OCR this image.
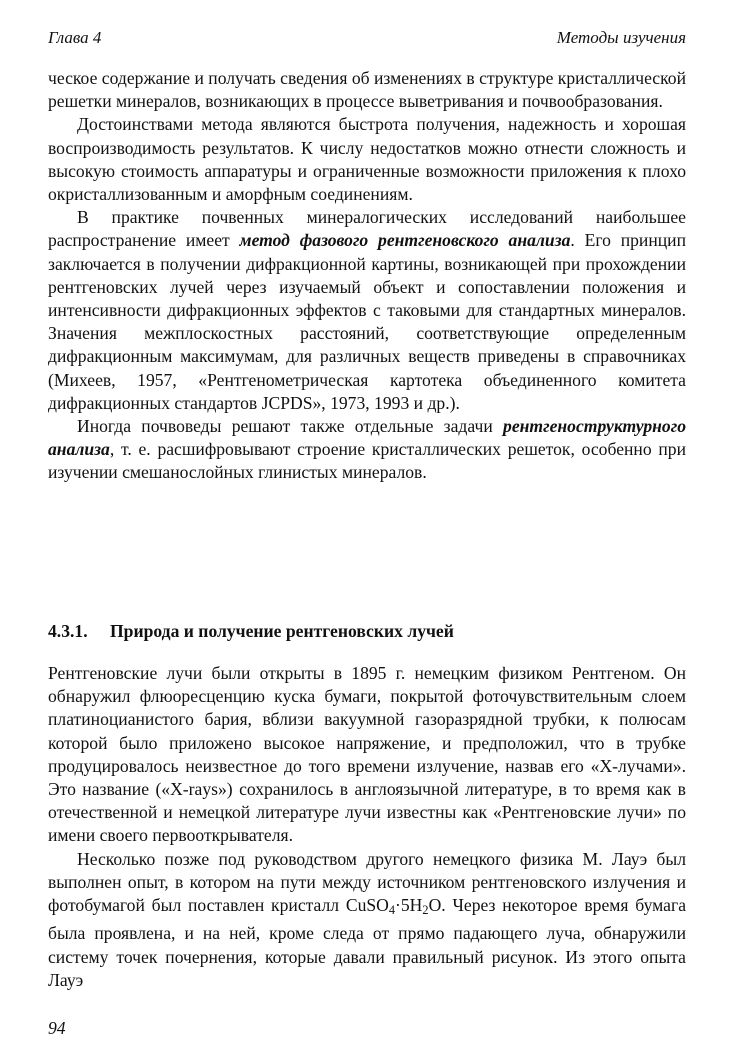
Глава 4	Методы изучения

ческое содержание и получать сведения об изменениях в структуре кристаллической решетки минералов, возникающих в процессе выветривания и почвообразования.

Достоинствами метода являются быстрота получения, надежность и хорошая воспроизводимость результатов. К числу недостатков можно отнести сложность и высокую стоимость аппаратуры и ограниченные возможности приложения к плохо окристаллизованным и аморфным соединениям.

В практике почвенных минералогических исследований наибольшее распространение имеет метод фазового рентгеновского анализа. Его принцип заключается в получении дифракционной картины, возникающей при прохождении рентгеновских лучей через изучаемый объект и сопоставлении положения и интенсивности дифракционных эффектов с таковыми для стандартных минералов. Значения межплоскостных расстояний, соответствующие определенным дифракционным максимумам, для различных веществ приведены в справочниках (Михеев, 1957, «Рентгенометрическая картотека объединенного комитета дифракционных стандартов JCPDS», 1973, 1993 и др.).

Иногда почвоведы решают также отдельные задачи рентгеноструктурного анализа, т. е. расшифровывают строение кристаллических решеток, особенно при изучении смешанослойных глинистых минералов.

4.3.1. Природа и получение рентгеновских лучей

Рентгеновские лучи были открыты в 1895 г. немецким физиком Рентгеном. Он обнаружил флюоресценцию куска бумаги, покрытой фоточувствительным слоем платиноцианистого бария, вблизи вакуумной газоразрядной трубки, к полюсам которой было приложено высокое напряжение, и предположил, что в трубке продуцировалось неизвестное до того времени излучение, назвав его «X-лучами». Это название («X-rays») сохранилось в англоязычной литературе, в то время как в отечественной и немецкой литературе лучи известны как «Рентгеновские лучи» по имени своего первооткрывателя.

Несколько позже под руководством другого немецкого физика М. Лауэ был выполнен опыт, в котором на пути между источником рентгеновского излучения и фотобумагой был поставлен кристалл $CuSO_4\cdot 5H_2O$. Через некоторое время бумага была проявлена, и на ней, кроме следа от прямо падающего луча, обнаружили систему точек почернения, которые давали правильный рисунок. Из этого опыта Лауэ

94
